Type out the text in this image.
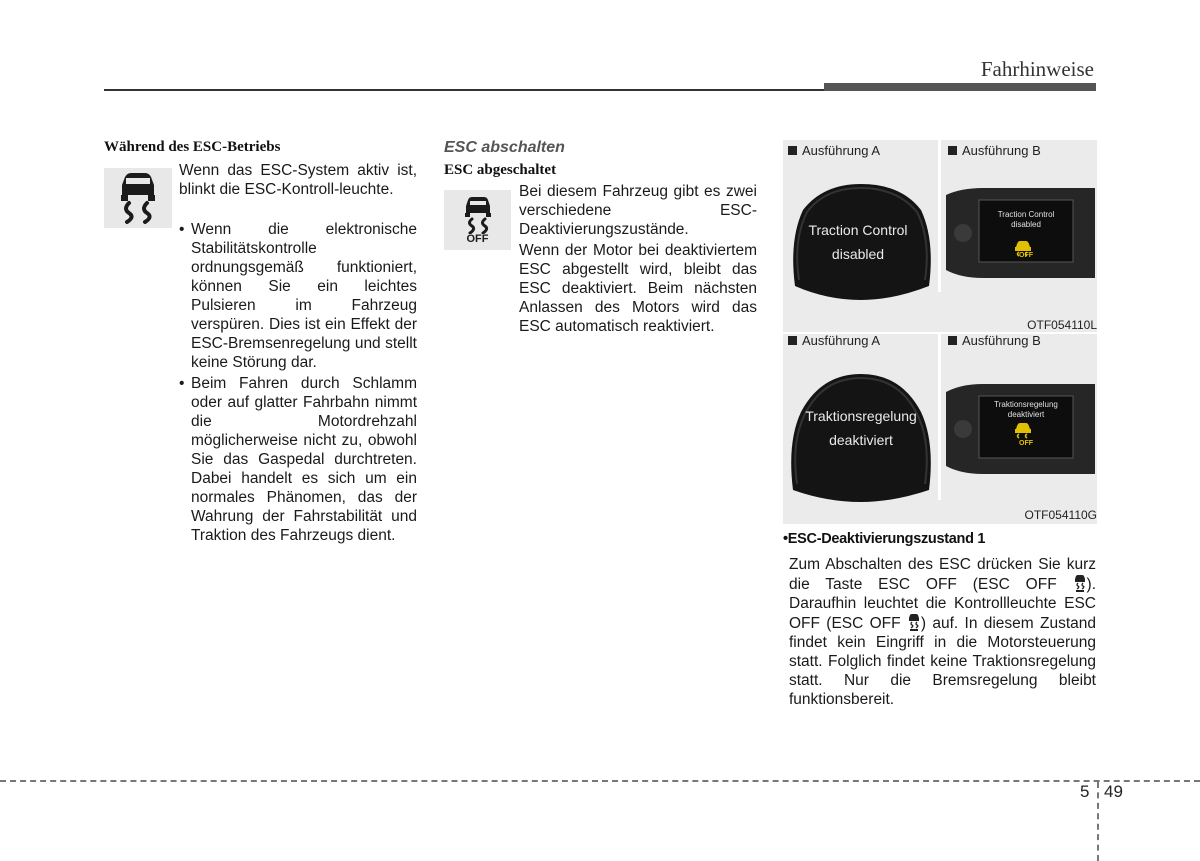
Fahrhinweise
Während des ESC-Betriebs
Wenn das ESC-System aktiv ist, blinkt die ESC-Kontroll-leuchte.
• Wenn die elektronische Stabilitätskontrolle ordnungsgemäß funktioniert, können Sie ein leichtes Pulsieren im Fahrzeug verspüren. Dies ist ein Effekt der ESC-Bremsenregelung und stellt keine Störung dar.
• Beim Fahren durch Schlamm oder auf glatter Fahrbahn nimmt die Motordrehzahl möglicherweise nicht zu, obwohl Sie das Gaspedal durchtreten. Dabei handelt es sich um ein normales Phänomen, das der Wahrung der Fahrstabilität und Traktion des Fahrzeugs dient.
ESC abschalten
ESC abgeschaltet
OFF
Bei diesem Fahrzeug gibt es zwei verschiedene ESC-Deaktivierungszustände.
Wenn der Motor bei deaktiviertem ESC abgestellt wird, bleibt das ESC deaktiviert. Beim nächsten Anlassen des Motors wird das ESC automatisch reaktiviert.
Ausführung A	Ausführung B
Traction Control
disabled
Traction Control
disabled
OFF
OTF054110L
Ausführung A	Ausführung B
Traktionsregelung
deaktiviert
Traktionsregelung
deaktiviert
OFF
OTF054110G
•ESC-Deaktivierungszustand 1
Zum Abschalten des ESC drücken Sie kurz die Taste ESC OFF (ESC OFF ). Daraufhin leuchtet die Kontrollleuchte ESC OFF (ESC OFF ) auf. In diesem Zustand findet kein Eingriff in die Motorsteuerung statt. Folglich findet keine Traktionsregelung statt. Nur die Bremsregelung bleibt funktionsbereit.
5 49
